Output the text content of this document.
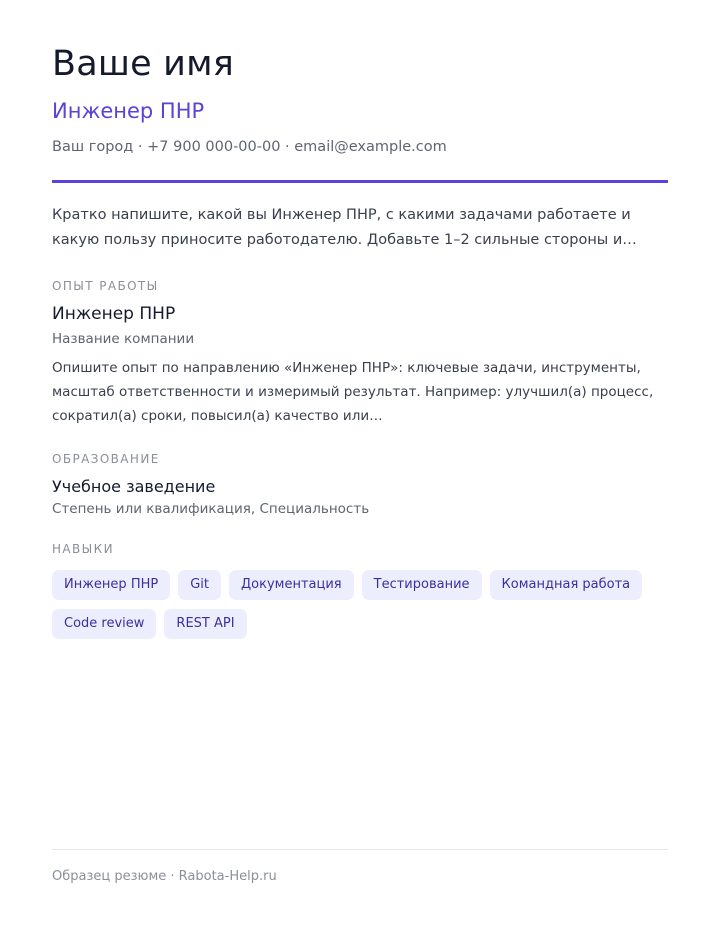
Ваше имя
Инженер ПНР
Ваш город · +7 900 000-00-00 · email@example.com

Кратко напишите, какой вы Инженер ПНР, с какими задачами работаете и какую пользу приносите работодателю. Добавьте 1–2 сильные стороны и…

ОПЫТ РАБОТЫ
Инженер ПНР
Название компании

Опишите опыт по направлению «Инженер ПНР»: ключевые задачи, инструменты, масштаб ответственности и измеримый результат. Например: улучшил(а) процесс, сократил(а) сроки, повысил(а) качество или…

ОБРАЗОВАНИЕ
Учебное заведение
Степень или квалификация, Специальность
НАВЫКИ
Инженер ПНР	Git	Документация	Тестирование	Командная работа
Code review	REST API
Образец резюме · Rabota-Help.ru
